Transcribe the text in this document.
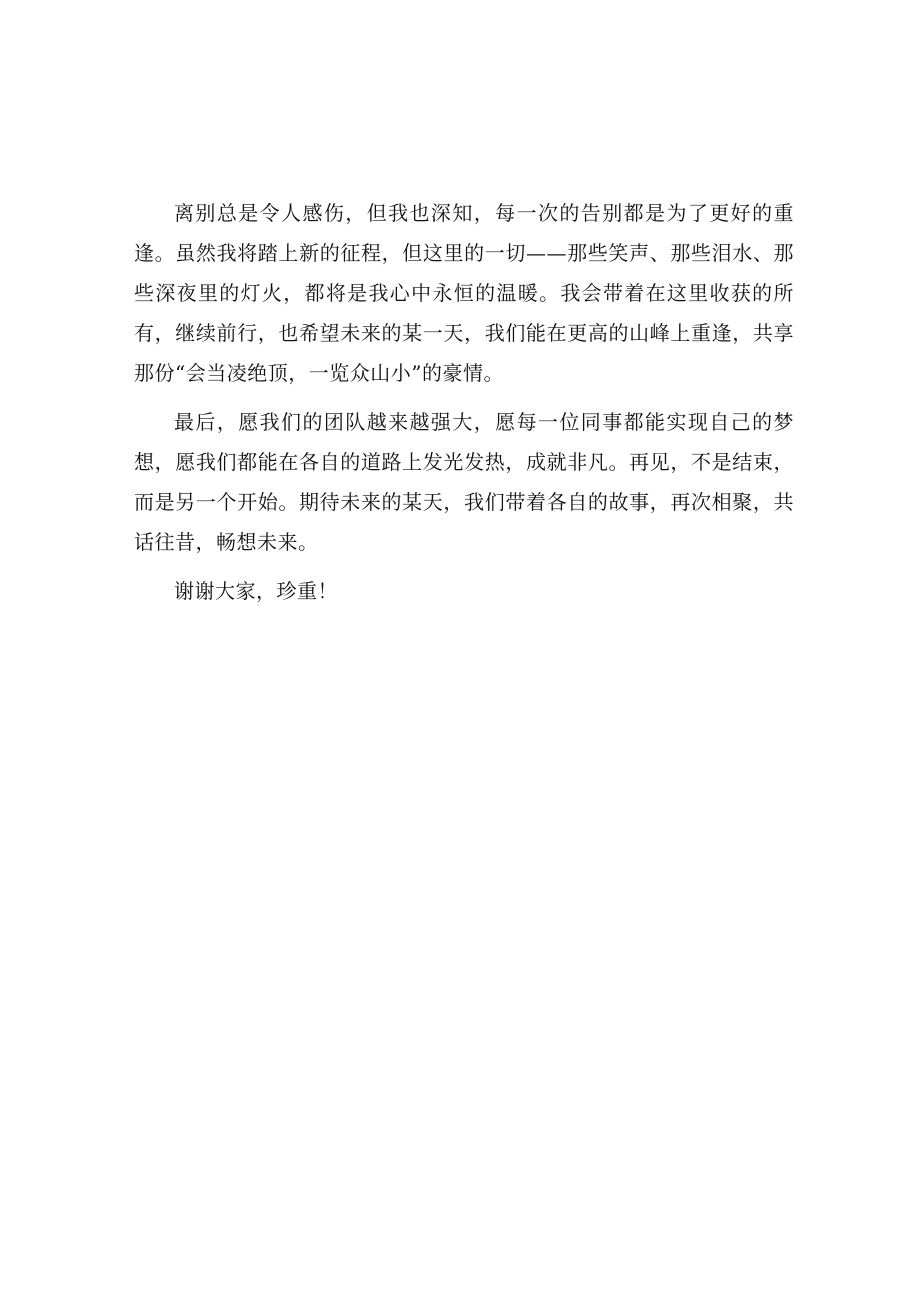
离别总是令人感伤，但我也深知，每一次的告别都是为了更好的重逢。虽然我将踏上新的征程，但这里的一切——那些笑声、那些泪水、那些深夜里的灯火，都将是我心中永恒的温暖。我会带着在这里收获的所有，继续前行，也希望未来的某一天，我们能在更高的山峰上重逢，共享那份“会当凌绝顶，一览众山小”的豪情。

最后，愿我们的团队越来越强大，愿每一位同事都能实现自己的梦想，愿我们都能在各自的道路上发光发热，成就非凡。再见，不是结束，而是另一个开始。期待未来的某天，我们带着各自的故事，再次相聚，共话往昔，畅想未来。

谢谢大家，珍重！
